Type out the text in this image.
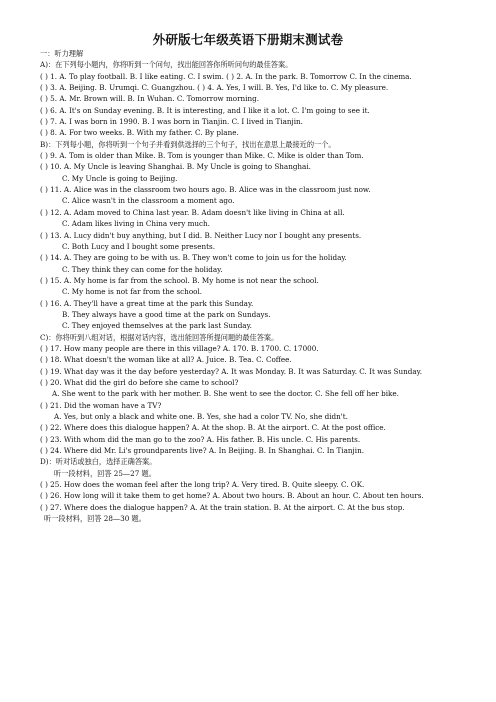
外研版七年级英语下册期末测试卷
一：听力理解
A)：在下列每小题内，你将听到一个问句，找出能回答你所听问句的最佳答案。
( ) 1. A. To play football. B. I like eating. C. I swim. ( ) 2. A. In the park. B. Tomorrow C. In the cinema.
( ) 3. A. Beijing. B. Urumqi. C. Guangzhou. ( ) 4. A. Yes, I will. B. Yes, I'd like to. C. My pleasure.
( ) 5. A. Mr. Brown will. B. In Wuhan. C. Tomorrow morning.
( ) 6. A. It's on Sunday evening. B. It is interesting, and I like it a lot. C. I'm going to see it.
( ) 7. A. I was born in 1990. B. I was born in Tianjin. C. I lived in Tianjin.
( ) 8. A. For two weeks. B. With my father. C. By plane.
B)：下列每小题，你将听到一个句子并看到供选择的三个句子，找出在意思上最接近的一个。
( ) 9. A. Tom is older than Mike. B. Tom is younger than Mike. C. Mike is older than Tom.
( ) 10. A. My Uncle is leaving Shanghai. B. My Uncle is going to Shanghai.
C. My Uncle is going to Beijing.
( ) 11. A. Alice was in the classroom two hours ago. B. Alice was in the classroom just now.
C. Alice wasn't in the classroom a moment ago.
( ) 12. A. Adam moved to China last year. B. Adam doesn't like living in China at all.
C. Adam likes living in China very much.
( ) 13. A. Lucy didn't buy anything, but I did. B. Neither Lucy nor I bought any presents.
C. Both Lucy and I bought some presents.
( ) 14. A. They are going to be with us. B. They won't come to join us for the holiday.
C. They think they can come for the holiday.
( ) 15. A. My home is far from the school. B. My home is not near the school.
C. My home is not far from the school.
( ) 16. A. They'll have a great time at the park this Sunday.
B. They always have a good time at the park on Sundays.
C. They enjoyed themselves at the park last Sunday.
C)：你将听到八组对话，根据对话内容，选出能回答所提问题的最佳答案。
( ) 17. How many people are there in this village? A. 170. B. 1700. C. 17000.
( ) 18. What doesn't the woman like at all? A. Juice. B. Tea. C. Coffee.
( ) 19. What day was it the day before yesterday? A. It was Monday. B. It was Saturday. C. It was Sunday.
( ) 20. What did the girl do before she came to school?
A. She went to the park with her mother. B. She went to see the doctor. C. She fell off her bike.
( ) 21. Did the woman have a TV?
A. Yes, but only a black and white one. B. Yes, she had a color TV. No, she didn't.
( ) 22. Where does this dialogue happen? A. At the shop. B. At the airport. C. At the post office.
( ) 23. With whom did the man go to the zoo? A. His father. B. His uncle. C. His parents.
( ) 24. Where did Mr. Li's groundparents live? A. In Beijing. B. In Shanghai. C. In Tianjin.
D)：听对话或独白，选择正确答案。
听一段材料，回答 25—27 题。
( ) 25. How does the woman feel after the long trip? A. Very tired. B. Quite sleepy. C. OK.
( ) 26. How long will it take them to get home? A. About two hours. B. About an hour. C. About ten hours.
( ) 27. Where does the dialogue happen? A. At the train station. B. At the airport. C. At the bus stop.
听一段材料，回答 28—30 题。
